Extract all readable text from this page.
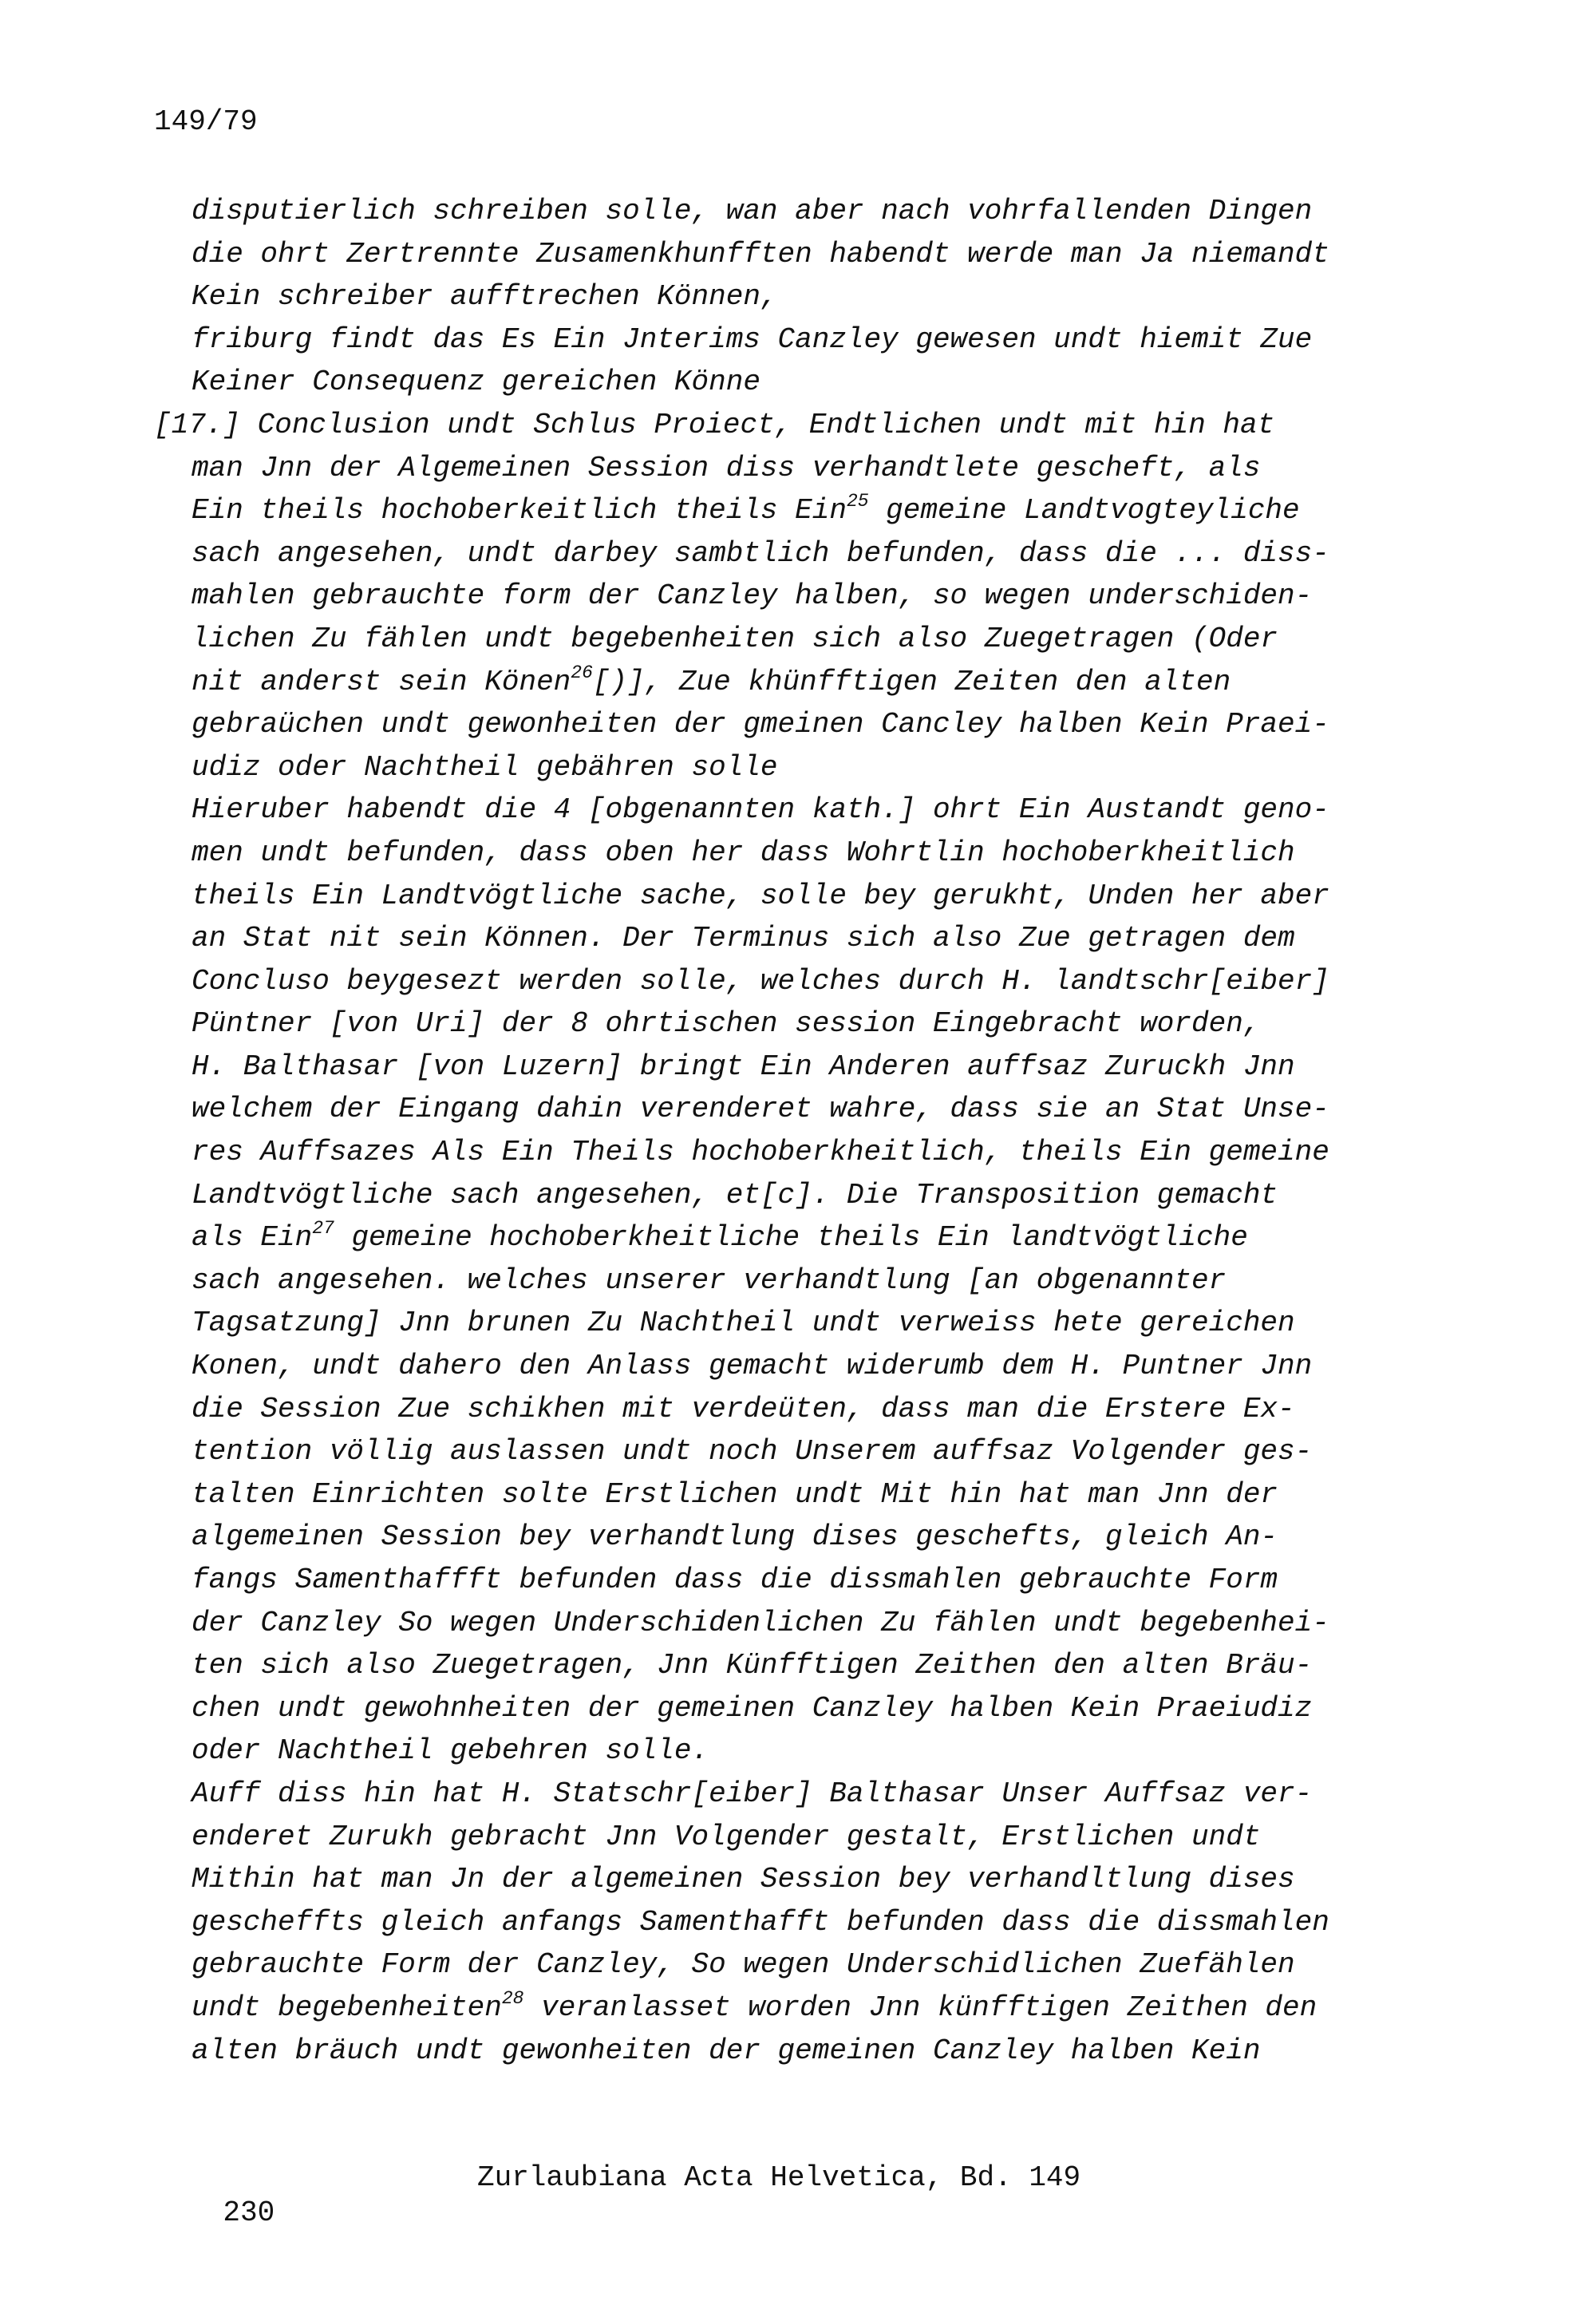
149/79
disputierlich schreiben solle, wan aber nach vohrfallenden Dingen
die ohrt Zertrennte Zusamenkhunfften habendt werde man Ja niemandt
Kein schreiber aufftrechen Können,
friburg findt das Es Ein Jnterims Canzley gewesen undt hiemit Zue
Keiner Consequenz gereichen Könne
[17.] Conclusion undt Schlus Proiect, Endtlichen undt mit hin hat
man Jnn der Algemeinen Session diss verhandtlete gescheft, als
Ein theils hochoberkeitlich theils Ein$^{25}$ gemeine Landtvogteyliche
sach angesehen, undt darbey sambtlich befunden, dass die ... diss-
mahlen gebrauchte form der Canzley halben, so wegen underschiden-
lichen Zu fählen undt begebenheiten sich also Zuegetragen (Oder
nit anderst sein Könen$^{26}$[)], Zue khünfftigen Zeiten den alten
gebraüchen undt gewonheiten der gmeinen Cancley halben Kein Praei-
udiz oder Nachtheil gebähren solle
Hieruber habendt die 4 [obgenannten kath.] ohrt Ein Austandt geno-
men undt befunden, dass oben her dass Wohrtlin hochoberkheitlich
theils Ein Landtvögtliche sache, solle bey gerukht, Unden her aber
an Stat nit sein Können. Der Terminus sich also Zue getragen dem
Concluso beygesezt werden solle, welches durch H. landtschr[eiber]
Püntner [von Uri] der 8 ohrtischen session Eingebracht worden,
H. Balthasar [von Luzern] bringt Ein Anderen auffsaz Zuruckh Jnn
welchem der Eingang dahin verenderet wahre, dass sie an Stat Unse-
res Auffsazes Als Ein Theils hochoberkheitlich, theils Ein gemeine
Landtvögtliche sach angesehen, et[c]. Die Transposition gemacht
als Ein$^{27}$ gemeine hochoberkheitliche theils Ein landtvögtliche
sach angesehen. welches unserer verhandtlung [an obgenannter
Tagsatzung] Jnn brunen Zu Nachtheil undt verweiss hete gereichen
Konen, undt dahero den Anlass gemacht widerumb dem H. Puntner Jnn
die Session Zue schikhen mit verdeüten, dass man die Erstere Ex-
tention völlig auslassen undt noch Unserem auffsaz Volgender ges-
talten Einrichten solte Erstlichen undt Mit hin hat man Jnn der
algemeinen Session bey verhandtlung dises geschefts, gleich An-
fangs Samenthaffft befunden dass die dissmahlen gebrauchte Form
der Canzley So wegen Underschidenlichen Zu fählen undt begebenhei-
ten sich also Zuegetragen, Jnn Künfftigen Zeithen den alten Bräu-
chen undt gewohnheiten der gemeinen Canzley halben Kein Praeiudiz
oder Nachtheil gebehren solle.
Auff diss hin hat H. Statschr[eiber] Balthasar Unser Auffsaz ver-
enderet Zurukh gebracht Jnn Volgender gestalt, Erstlichen undt
Mithin hat man Jn der algemeinen Session bey verhandltlung dises
gescheffts gleich anfangs Samenthafft befunden dass die dissmahlen
gebrauchte Form der Canzley, So wegen Underschidlichen Zuefählen
undt begebenheiten$^{28}$ veranlasset worden Jnn künfftigen Zeithen den
alten bräuch undt gewonheiten der gemeinen Canzley halben Kein

230

Zurlaubiana Acta Helvetica, Bd. 149
